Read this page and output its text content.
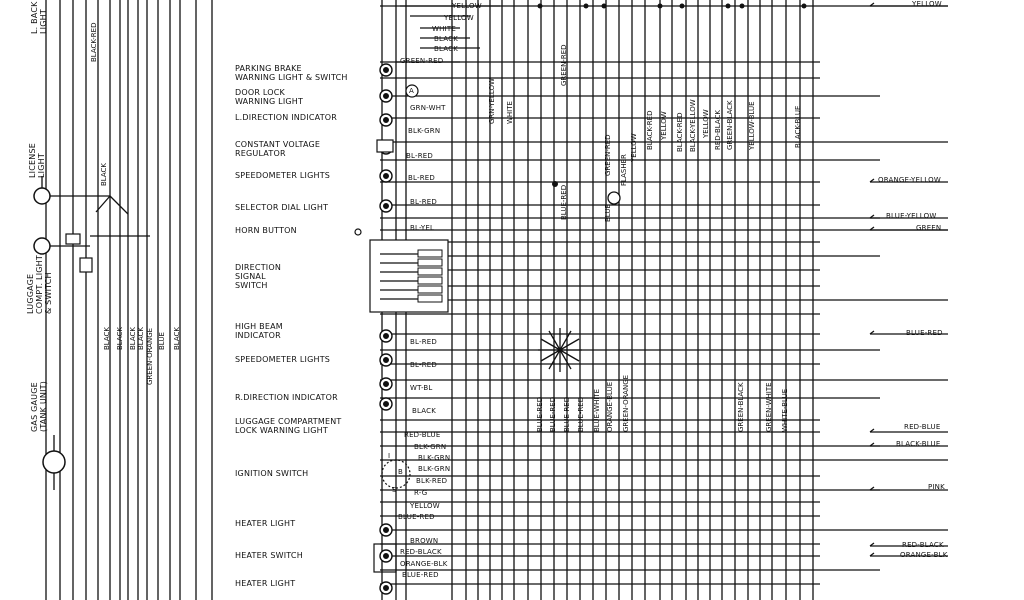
L. BACK
LIGHT
BLACK-RED
LICENSE
LIGHT	BLACK
LUGGAGE
COMPT. LIGHT
& SWITCH
GAS GAUGE
(TANK UNIT)
BLACK BLACK BLACK BLACK GREEN-ORANGE BLUE BLACK
PARKING BRAKE
WARNING LIGHT & SWITCH
DOOR LOCK
WARNING LIGHT
L.DIRECTION INDICATOR
CONSTANT VOLTAGE
REGULATOR
SPEEDOMETER LIGHTS
SELECTOR DIAL LIGHT
HORN BUTTON
DIRECTION
SIGNAL
SWITCH
HIGH BEAM
INDICATOR
SPEEDOMETER LIGHTS
R.DIRECTION INDICATOR
LUGGAGE COMPARTMENT
LOCK WARNING LIGHT
IGNITION SWITCH
HEATER LIGHT
HEATER SWITCH
HEATER LIGHT
YELLOW
YELLOW
WHITE
BLACK
BLACK
GREEN-RED
GRN-WHT
BLK-GRN
BL-RED
BL-RED
BL-RED
BL-YEL
BL-RED
BL-RED
WT-BL
BLACK
RED-BLUE
BLK-GRN
BLK-GRN
BLK-GRN
BLK-RED
R-G
YELLOW
BLUE-RED
BROWN
RED-BLACK
ORANGE-BLK
BLUE-RED
A
I
B
S
GRN-YELLOW WHITE
GREEN-RED
BLUE-RED	BLUE
GREEN-RED	YELLOW BLACK-RED YELLOW BLACK-RED BLACK-YELLOW YELLOW RED-BLACK GREEN-BLACK YELLOW-BLUE	BLACK-BLUE
FLASHER
BLUE-RED BLUE-RED BLUE-RED BLUE-RED BLUE-WHITE ORANGE-BLUE GREEN-ORANGE	GREEN-BLACK	GREEN-WHITE WHITE-BLUE
YELLOW
ORANGE-YELLOW
BLUE-YELLOW
GREEN
BLUE-RED
RED-BLUE
BLACK-BLUE
PINK
RED-BLACK
ORANGE-BLK
